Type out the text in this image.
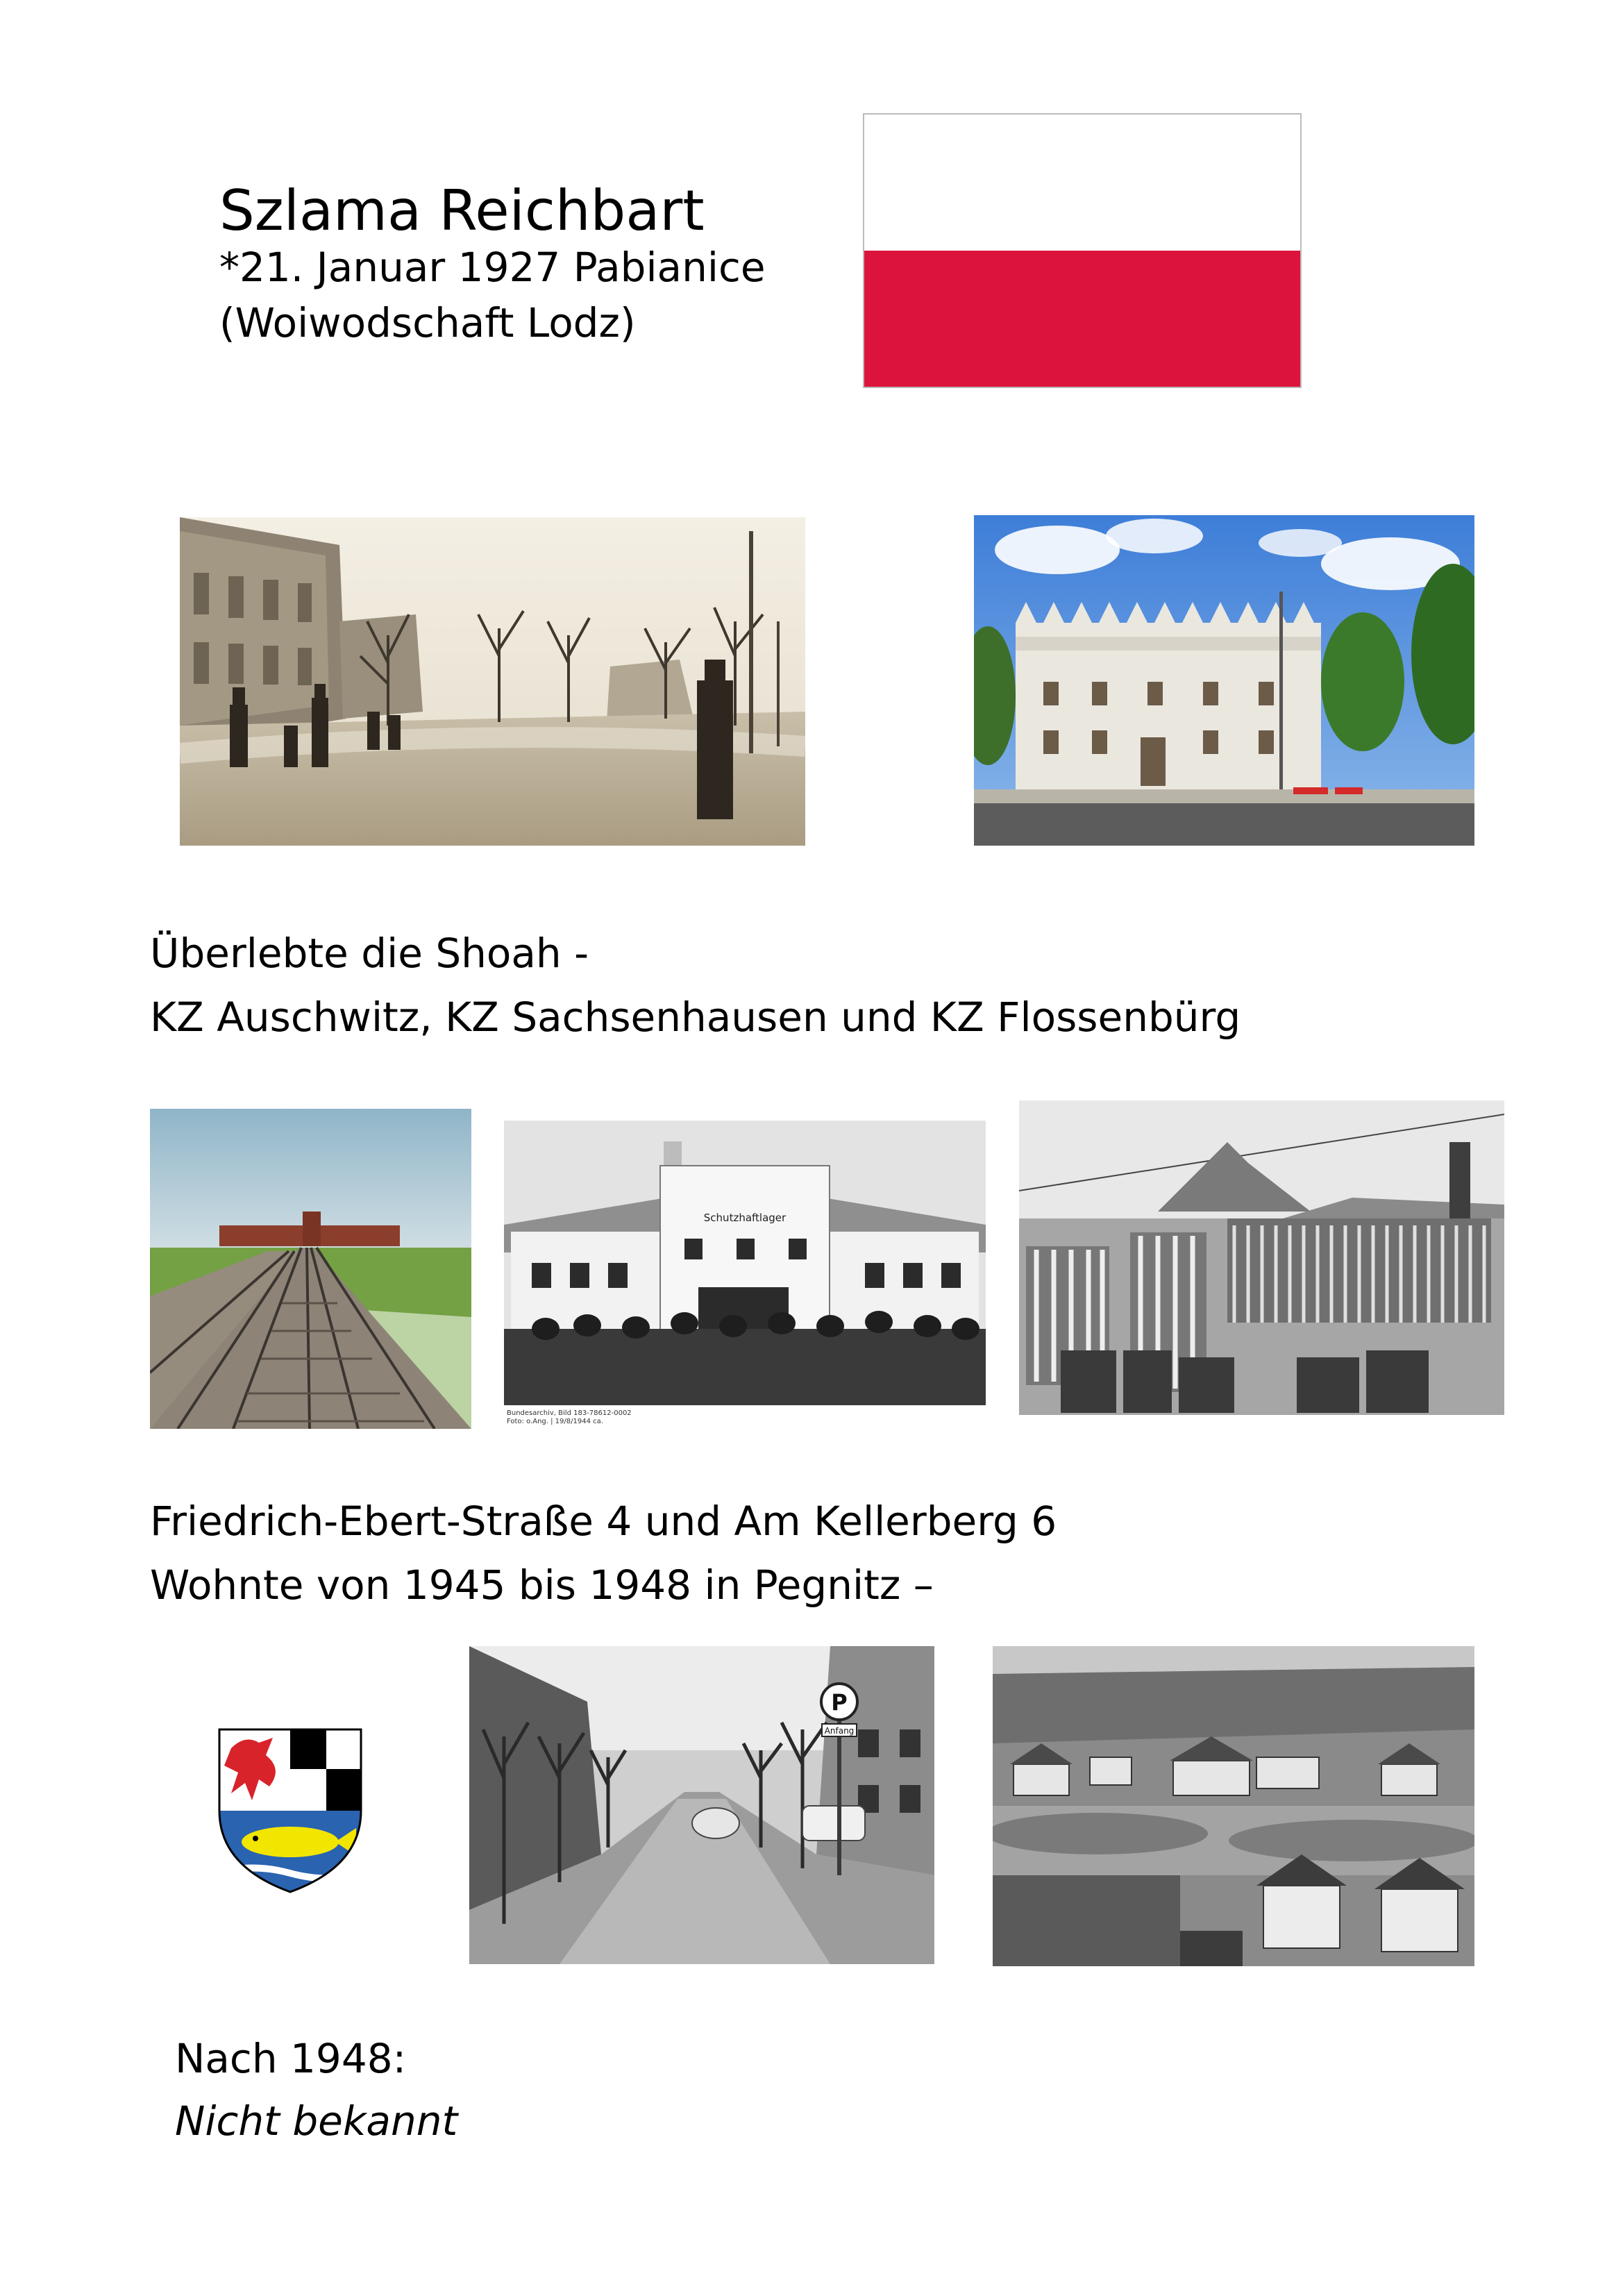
Szlama Reichbart
*21. Januar 1927 Pabianice
(Woiwodschaft Lodz)
Überlebte die Shoah -
KZ Auschwitz, KZ Sachsenhausen und KZ Flossenbürg
Schutzhaftlager
Bundesarchiv, Bild 183-78612-0002
Foto: o.Ang. | 19/8/1944 ca.
Friedrich-Ebert-Straße 4 und Am Kellerberg 6
Wohnte von 1945 bis 1948 in Pegnitz –
P
Anfang
Nach 1948:
Nicht bekannt
